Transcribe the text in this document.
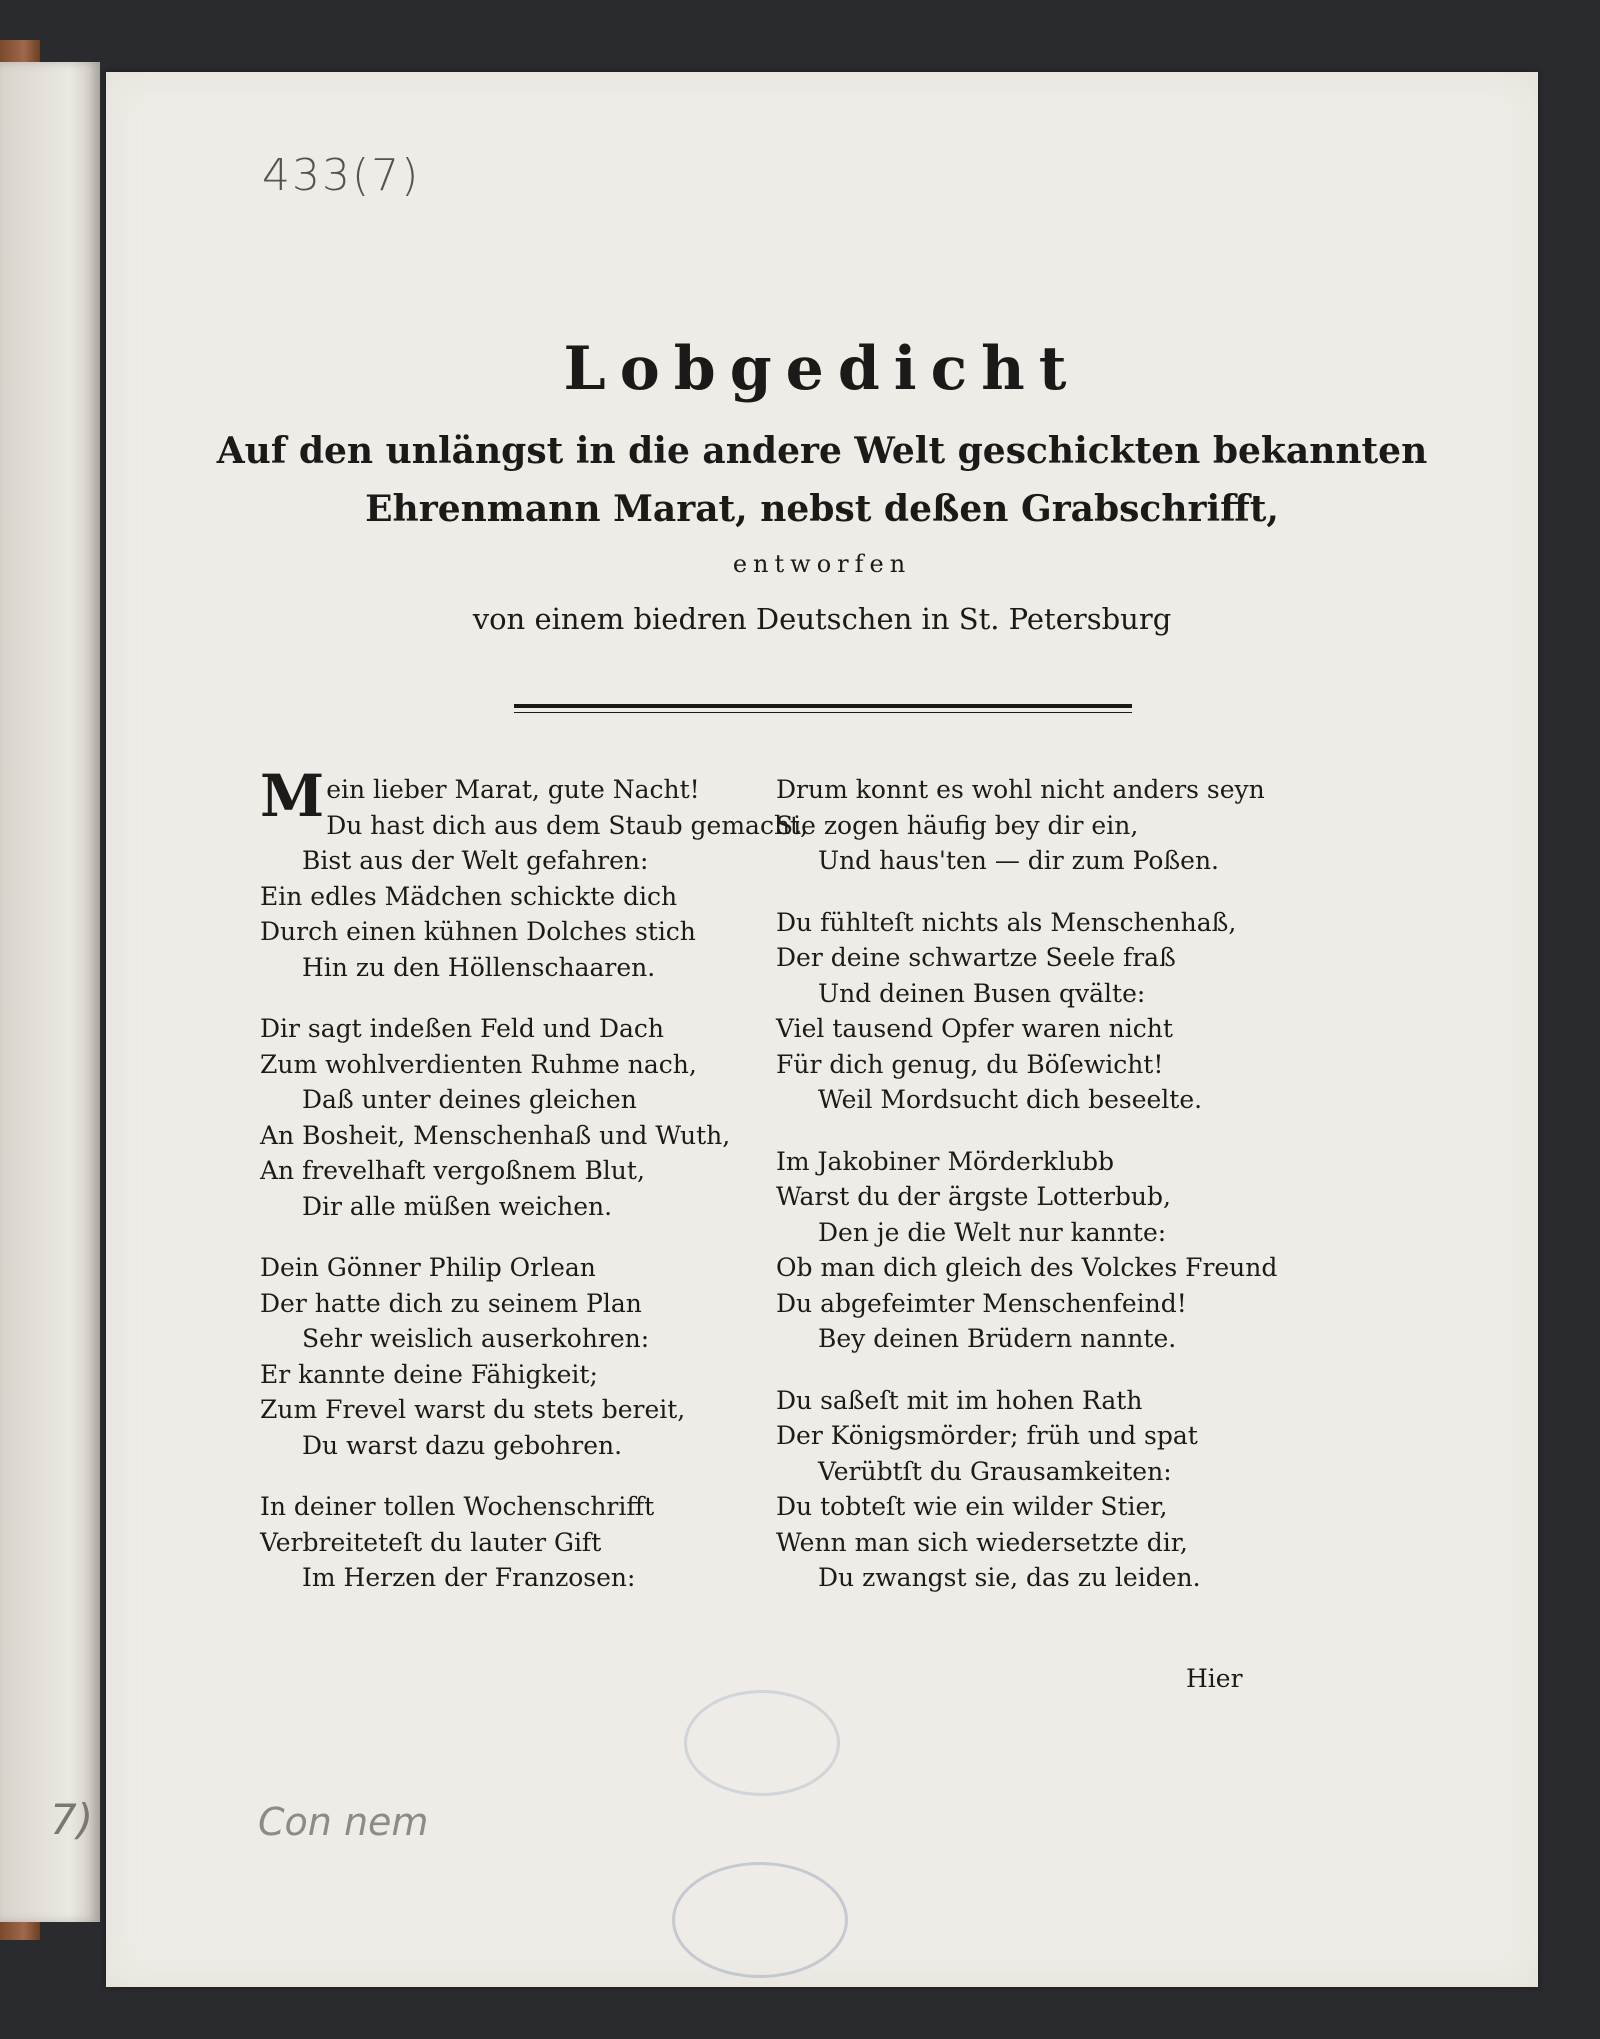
433(7)
Lobgedicht
Auf den unlängst in die andere Welt geschickten bekannten
Ehrenmann Marat, nebst deßen Grabschrifft,
entworfen
von einem biedren Deutschen in St. Petersburg
Mein lieber Marat, gute Nacht!
Du hast dich aus dem Staub gemacht,
Bist aus der Welt gefahren:
Ein edles Mädchen schickte dich
Durch einen kühnen Dolches stich
Hin zu den Höllenschaaren.
Dir sagt indeßen Feld und Dach
Zum wohlverdienten Ruhme nach,
Daß unter deines gleichen
An Bosheit, Menschenhaß und Wuth,
An frevelhaft vergoßnem Blut,
Dir alle müßen weichen.
Dein Gönner Philip Orlean
Der hatte dich zu seinem Plan
Sehr weislich auserkohren:
Er kannte deine Fähigkeit;
Zum Frevel warst du stets bereit,
Du warst dazu gebohren.
In deiner tollen Wochenschrifft
Verbreiteteſt du lauter Gift
Im Herzen der Franzosen:
Drum konnt es wohl nicht anders seyn
Sie zogen häufig bey dir ein,
Und haus'ten — dir zum Poßen.
Du fühlteſt nichts als Menschenhaß,
Der deine schwartze Seele fraß
Und deinen Busen qvälte:
Viel tausend Opfer waren nicht
Für dich genug, du Böſewicht!
Weil Mordsucht dich beseelte.
Im Jakobiner Mörderklubb
Warst du der ärgste Lotterbub,
Den je die Welt nur kannte:
Ob man dich gleich des Volckes Freund
Du abgefeimter Menschenfeind!
Bey deinen Brüdern nannte.
Du saßeſt mit im hohen Rath
Der Königsmörder; früh und spat
Verübtſt du Grausamkeiten:
Du tobteſt wie ein wilder Stier,
Wenn man sich wiedersetzte dir,
Du zwangst sie, das zu leiden.
Hier
7)	Con nem
